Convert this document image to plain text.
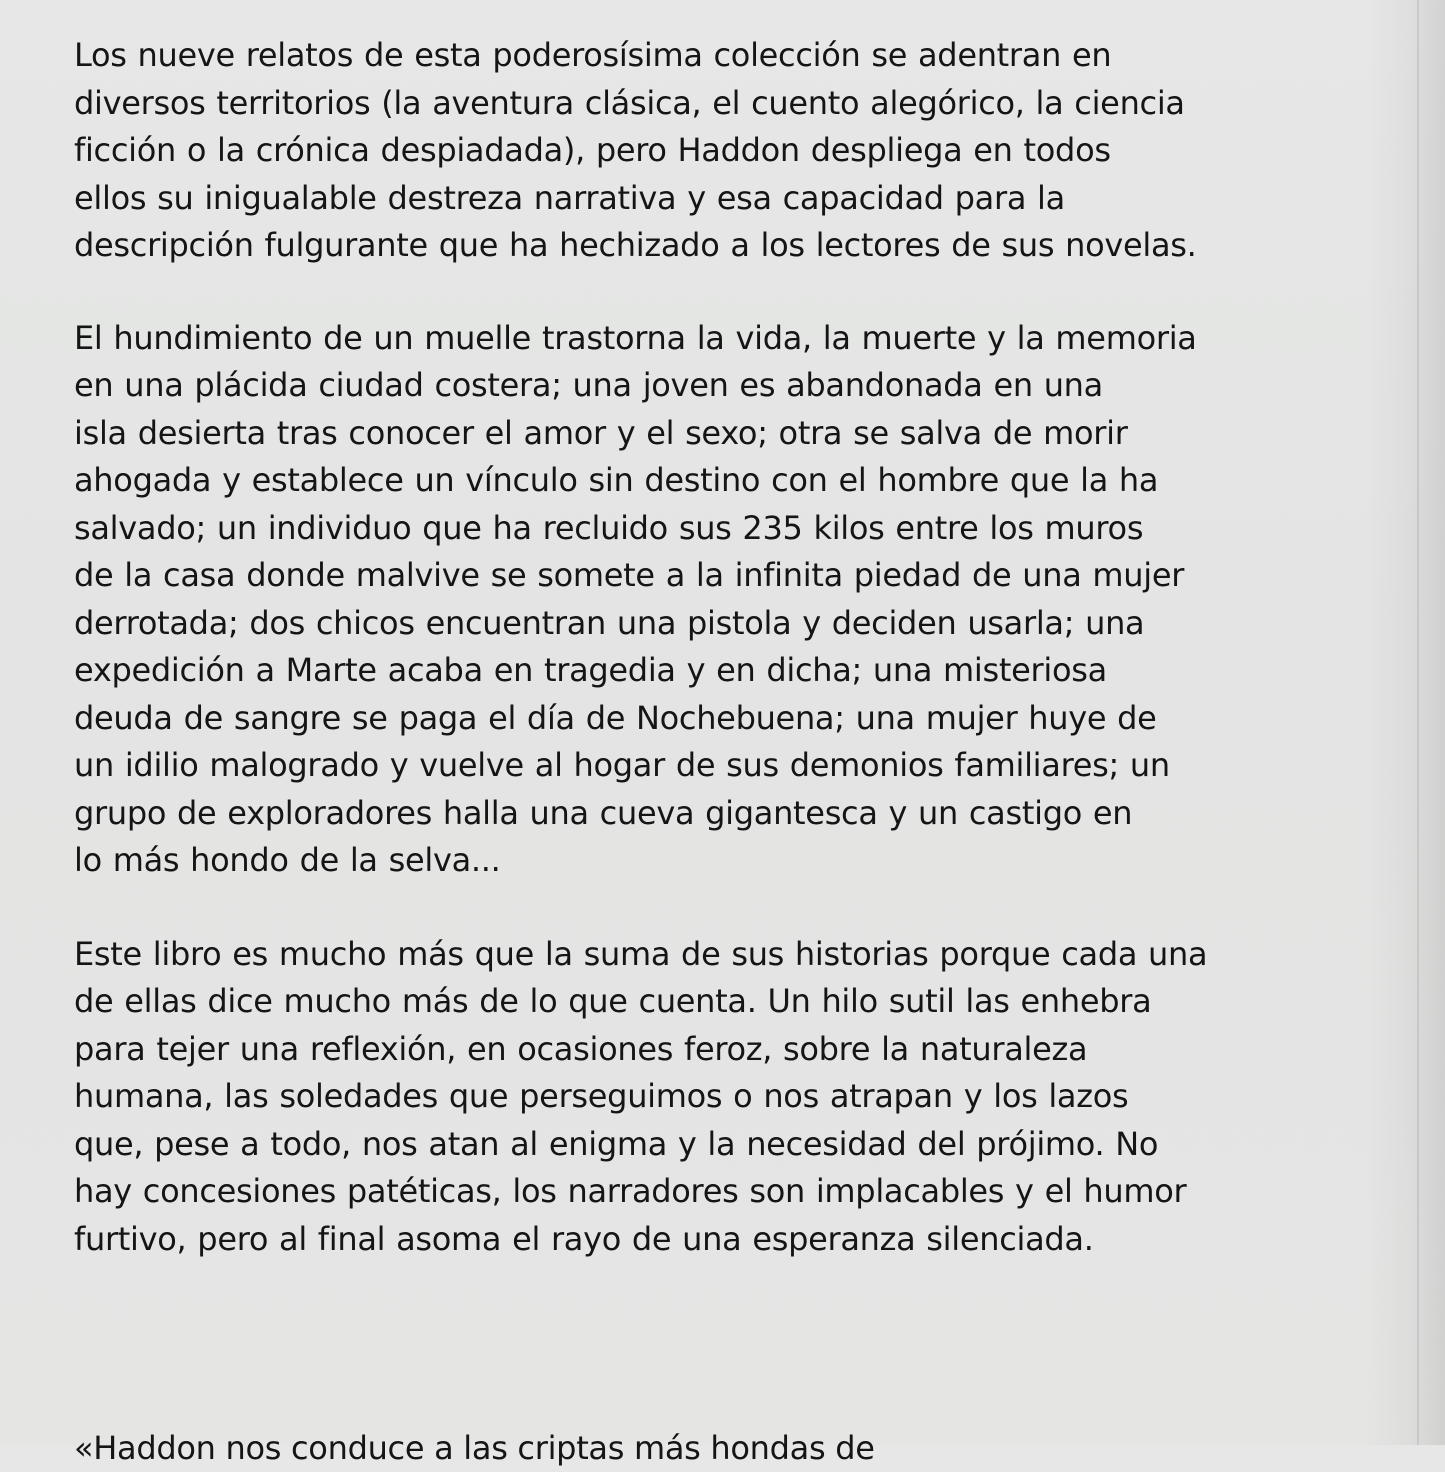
Los nueve relatos de esta poderosísima colección se adentran en
diversos territorios (la aventura clásica, el cuento alegórico, la ciencia
ficción o la crónica despiadada), pero Haddon despliega en todos
ellos su inigualable destreza narrativa y esa capacidad para la
descripción fulgurante que ha hechizado a los lectores de sus novelas.

El hundimiento de un muelle trastorna la vida, la muerte y la memoria
en una plácida ciudad costera; una joven es abandonada en una
isla desierta tras conocer el amor y el sexo; otra se salva de morir
ahogada y establece un vínculo sin destino con el hombre que la ha
salvado; un individuo que ha recluido sus 235 kilos entre los muros
de la casa donde malvive se somete a la infinita piedad de una mujer
derrotada; dos chicos encuentran una pistola y deciden usarla; una
expedición a Marte acaba en tragedia y en dicha; una misteriosa
deuda de sangre se paga el día de Nochebuena; una mujer huye de
un idilio malogrado y vuelve al hogar de sus demonios familiares; un
grupo de exploradores halla una cueva gigantesca y un castigo en
lo más hondo de la selva...

Este libro es mucho más que la suma de sus historias porque cada una
de ellas dice mucho más de lo que cuenta. Un hilo sutil las enhebra
para tejer una reflexión, en ocasiones feroz, sobre la naturaleza
humana, las soledades que perseguimos o nos atrapan y los lazos
que, pese a todo, nos atan al enigma y la necesidad del prójimo. No
hay concesiones patéticas, los narradores son implacables y el humor
furtivo, pero al final asoma el rayo de una esperanza silenciada.

«Haddon nos conduce a las criptas más hondas de
